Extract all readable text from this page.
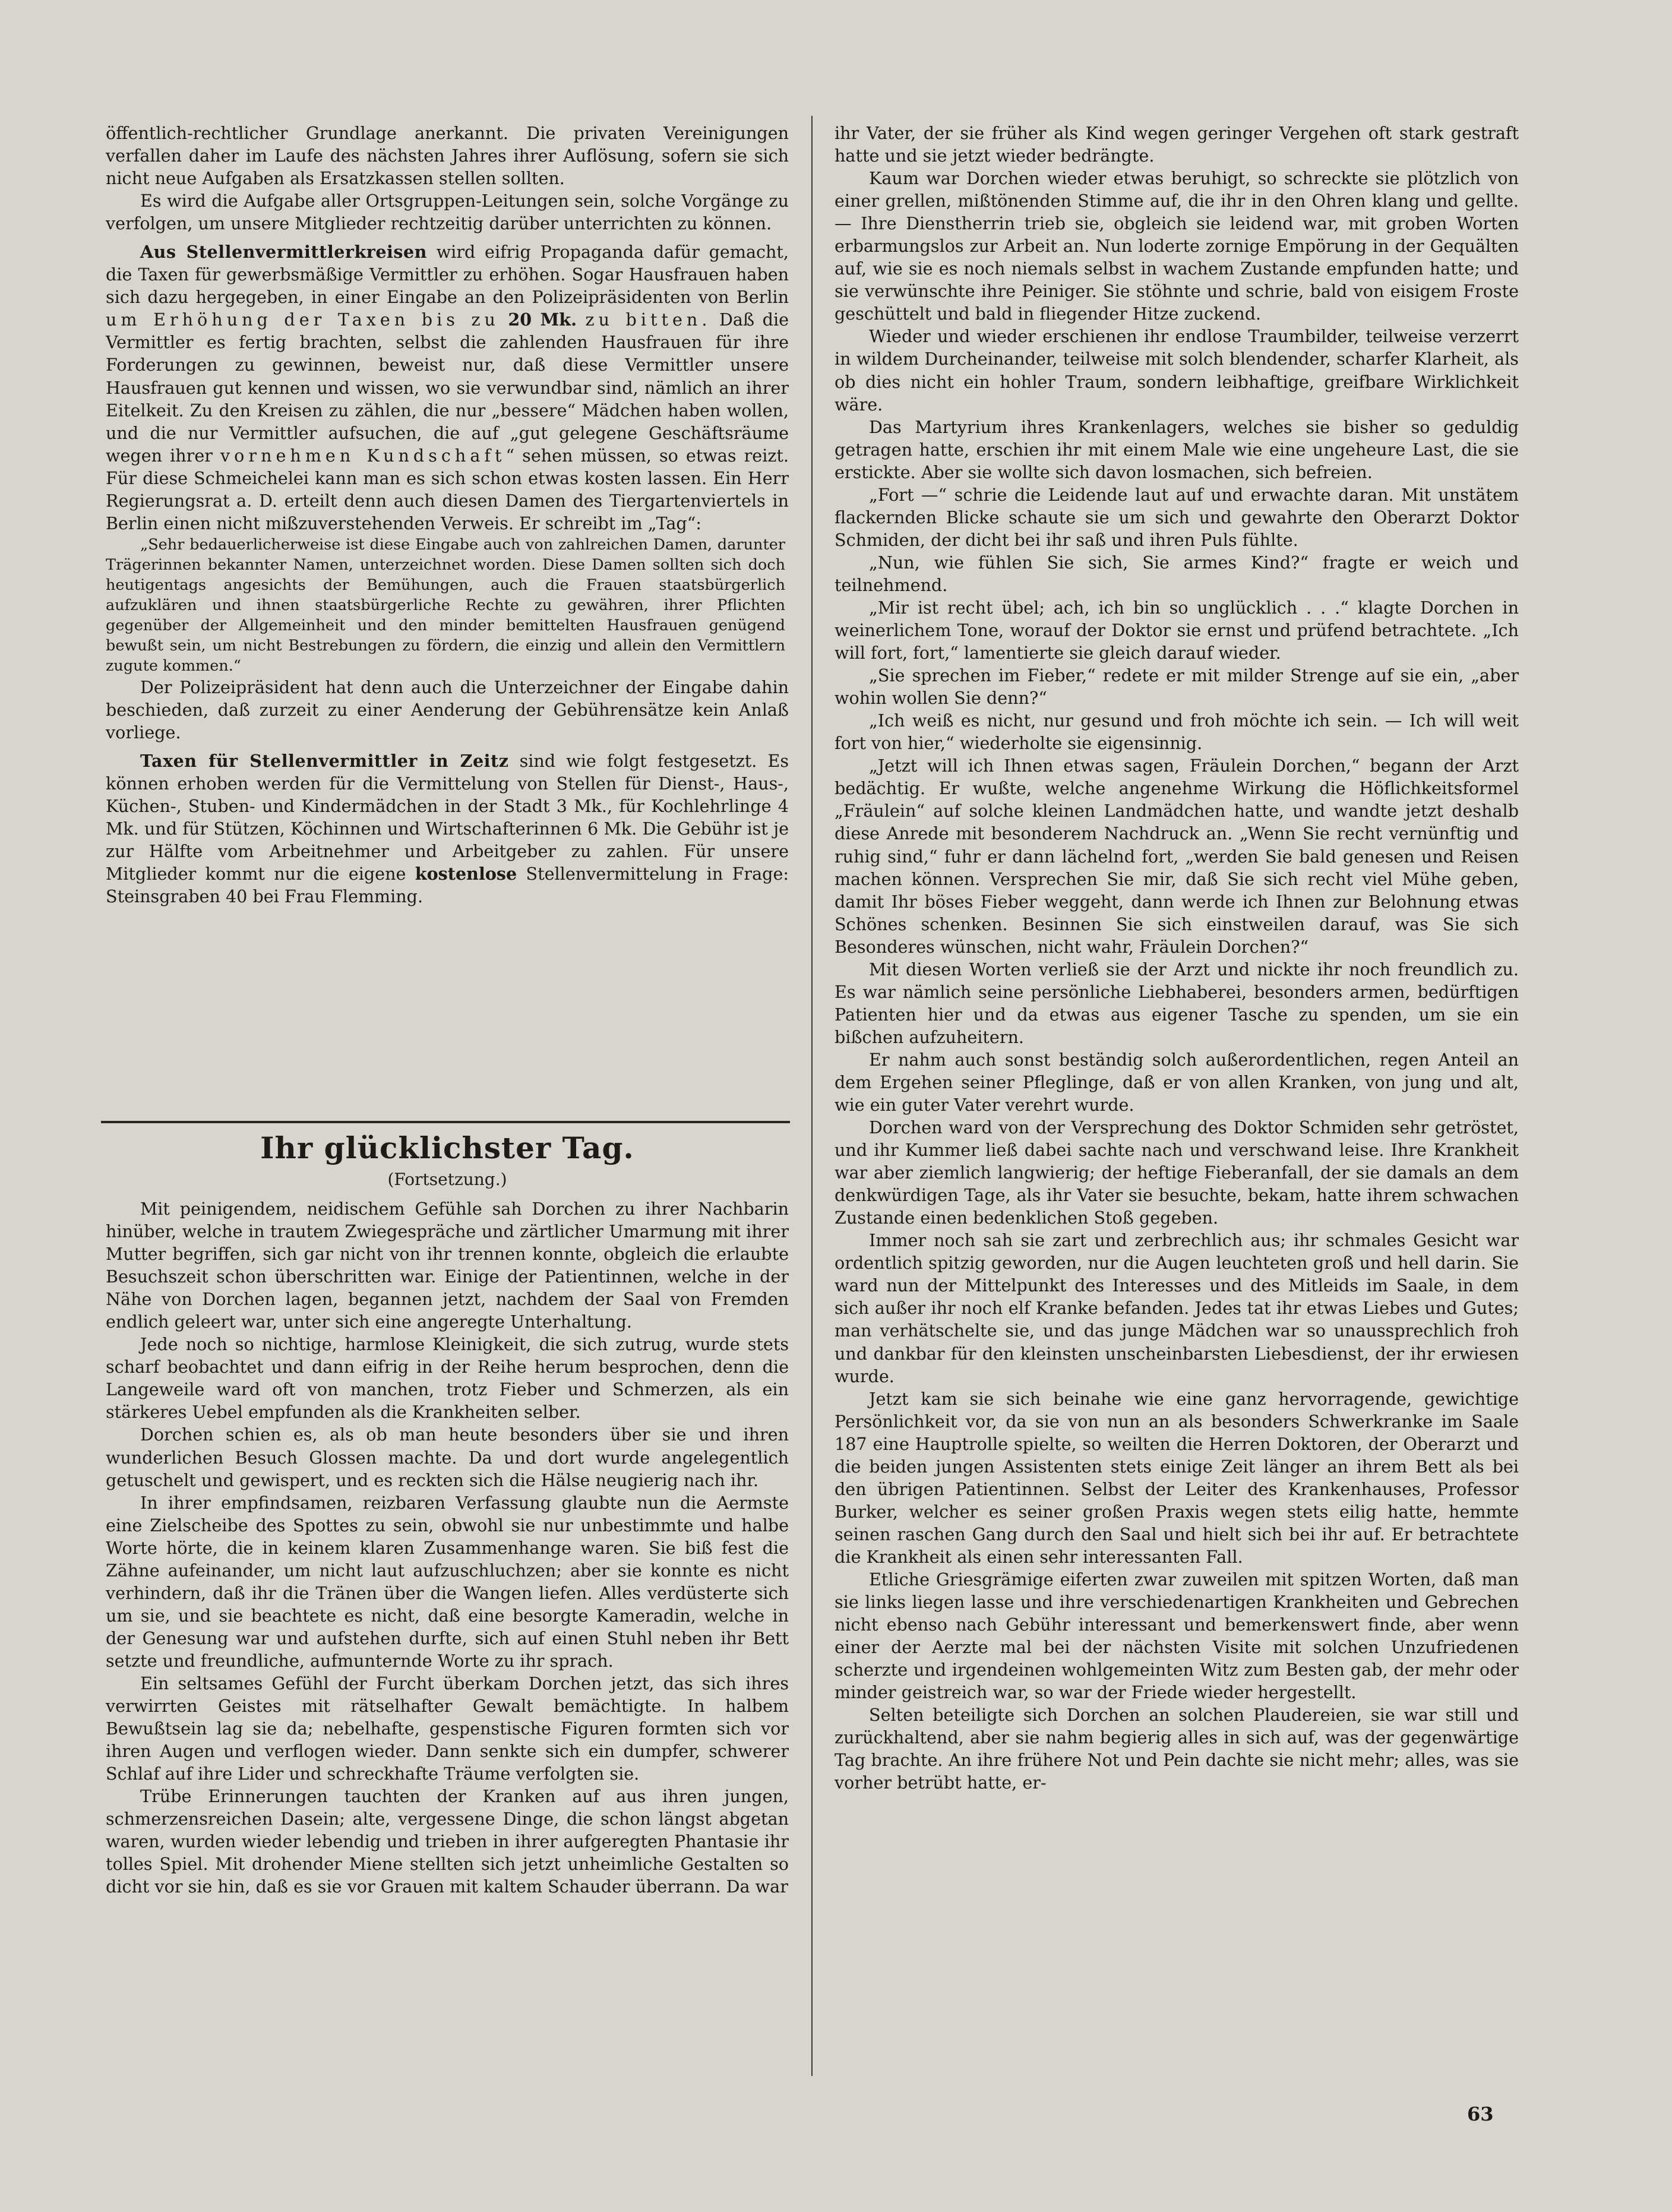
öffentlich-rechtlicher Grundlage anerkannt. Die privaten Vereinigungen verfallen daher im Laufe des nächsten Jahres ihrer Auflösung, sofern sie sich nicht neue Aufgaben als Ersatzkassen stellen sollten.

Es wird die Aufgabe aller Ortsgruppen-Leitungen sein, solche Vorgänge zu verfolgen, um unsere Mitglieder rechtzeitig darüber unterrichten zu können.

Aus Stellenvermittlerkreisen wird eifrig Propaganda dafür gemacht, die Taxen für gewerbsmäßige Vermittler zu erhöhen. Sogar Hausfrauen haben sich dazu hergegeben, in einer Eingabe an den Polizeipräsidenten von Berlin um Erhöhung der Taxen bis zu 20 Mk. zu bitten. Daß die Vermittler es fertig brachten, selbst die zahlenden Hausfrauen für ihre Forderungen zu gewinnen, beweist nur, daß diese Vermittler unsere Hausfrauen gut kennen und wissen, wo sie verwundbar sind, nämlich an ihrer Eitelkeit. Zu den Kreisen zu zählen, die nur „bessere“ Mädchen haben wollen, und die nur Vermittler aufsuchen, die auf „gut gelegene Geschäftsräume wegen ihrer vornehmen Kundschaft“ sehen müssen, so etwas reizt. Für diese Schmeichelei kann man es sich schon etwas kosten lassen. Ein Herr Regierungsrat a. D. erteilt denn auch diesen Damen des Tiergartenviertels in Berlin einen nicht mißzuverstehenden Verweis. Er schreibt im „Tag“:

„Sehr bedauerlicherweise ist diese Eingabe auch von zahlreichen Damen, darunter Trägerinnen bekannter Namen, unterzeichnet worden. Diese Damen sollten sich doch heutigentags angesichts der Bemühungen, auch die Frauen staatsbürgerlich aufzuklären und ihnen staatsbürgerliche Rechte zu gewähren, ihrer Pflichten gegenüber der Allgemeinheit und den minder bemittelten Hausfrauen genügend bewußt sein, um nicht Bestrebungen zu fördern, die einzig und allein den Vermittlern zugute kommen.“

Der Polizeipräsident hat denn auch die Unterzeichner der Eingabe dahin beschieden, daß zurzeit zu einer Aenderung der Gebührensätze kein Anlaß vorliege.

Taxen für Stellenvermittler in Zeitz sind wie folgt festgesetzt. Es können erhoben werden für die Vermittelung von Stellen für Dienst-, Haus-, Küchen-, Stuben- und Kindermädchen in der Stadt 3 Mk., für Kochlehrlinge 4 Mk. und für Stützen, Köchinnen und Wirtschafterinnen 6 Mk. Die Gebühr ist je zur Hälfte vom Arbeitnehmer und Arbeitgeber zu zahlen. Für unsere Mitglieder kommt nur die eigene kostenlose Stellenvermittelung in Frage: Steinsgraben 40 bei Frau Flemming.

Ihr glücklichster Tag.
(Fortsetzung.)

Mit peinigendem, neidischem Gefühle sah Dorchen zu ihrer Nachbarin hinüber, welche in trautem Zwiegespräche und zärtlicher Umarmung mit ihrer Mutter begriffen, sich gar nicht von ihr trennen konnte, obgleich die erlaubte Besuchszeit schon überschritten war. Einige der Patientinnen, welche in der Nähe von Dorchen lagen, begannen jetzt, nachdem der Saal von Fremden endlich geleert war, unter sich eine angeregte Unterhaltung.

Jede noch so nichtige, harmlose Kleinigkeit, die sich zutrug, wurde stets scharf beobachtet und dann eifrig in der Reihe herum besprochen, denn die Langeweile ward oft von manchen, trotz Fieber und Schmerzen, als ein stärkeres Uebel empfunden als die Krankheiten selber.

Dorchen schien es, als ob man heute besonders über sie und ihren wunderlichen Besuch Glossen machte. Da und dort wurde angelegentlich getuschelt und gewispert, und es reckten sich die Hälse neugierig nach ihr.

In ihrer empfindsamen, reizbaren Verfassung glaubte nun die Aermste eine Zielscheibe des Spottes zu sein, obwohl sie nur unbestimmte und halbe Worte hörte, die in keinem klaren Zusammenhange waren. Sie biß fest die Zähne aufeinander, um nicht laut aufzuschluchzen; aber sie konnte es nicht verhindern, daß ihr die Tränen über die Wangen liefen. Alles verdüsterte sich um sie, und sie beachtete es nicht, daß eine besorgte Kameradin, welche in der Genesung war und aufstehen durfte, sich auf einen Stuhl neben ihr Bett setzte und freundliche, aufmunternde Worte zu ihr sprach.

Ein seltsames Gefühl der Furcht überkam Dorchen jetzt, das sich ihres verwirrten Geistes mit rätselhafter Gewalt bemächtigte. In halbem Bewußtsein lag sie da; nebelhafte, gespenstische Figuren formten sich vor ihren Augen und verflogen wieder. Dann senkte sich ein dumpfer, schwerer Schlaf auf ihre Lider und schreckhafte Träume verfolgten sie.

Trübe Erinnerungen tauchten der Kranken auf aus ihren jungen, schmerzensreichen Dasein; alte, vergessene Dinge, die schon längst abgetan waren, wurden wieder lebendig und trieben in ihrer aufgeregten Phantasie ihr tolles Spiel. Mit drohender Miene stellten sich jetzt unheimliche Gestalten so dicht vor sie hin, daß es sie vor Grauen mit kaltem Schauder überrann. Da war

ihr Vater, der sie früher als Kind wegen geringer Vergehen oft stark gestraft hatte und sie jetzt wieder bedrängte.

Kaum war Dorchen wieder etwas beruhigt, so schreckte sie plötzlich von einer grellen, mißtönenden Stimme auf, die ihr in den Ohren klang und gellte. — Ihre Dienstherrin trieb sie, obgleich sie leidend war, mit groben Worten erbarmungslos zur Arbeit an. Nun loderte zornige Empörung in der Gequälten auf, wie sie es noch niemals selbst in wachem Zustande empfunden hatte; und sie verwünschte ihre Peiniger. Sie stöhnte und schrie, bald von eisigem Froste geschüttelt und bald in fliegender Hitze zuckend.

Wieder und wieder erschienen ihr endlose Traumbilder, teilweise verzerrt in wildem Durcheinander, teilweise mit solch blendender, scharfer Klarheit, als ob dies nicht ein hohler Traum, sondern leibhaftige, greifbare Wirklichkeit wäre.

Das Martyrium ihres Krankenlagers, welches sie bisher so geduldig getragen hatte, erschien ihr mit einem Male wie eine ungeheure Last, die sie erstickte. Aber sie wollte sich davon losmachen, sich befreien.

„Fort —“ schrie die Leidende laut auf und erwachte daran. Mit unstätem flackernden Blicke schaute sie um sich und gewahrte den Oberarzt Doktor Schmiden, der dicht bei ihr saß und ihren Puls fühlte.

„Nun, wie fühlen Sie sich, Sie armes Kind?“ fragte er weich und teilnehmend.

„Mir ist recht übel; ach, ich bin so unglücklich . . .“ klagte Dorchen in weinerlichem Tone, worauf der Doktor sie ernst und prüfend betrachtete. „Ich will fort, fort,“ lamentierte sie gleich darauf wieder.

„Sie sprechen im Fieber,“ redete er mit milder Strenge auf sie ein, „aber wohin wollen Sie denn?“

„Ich weiß es nicht, nur gesund und froh möchte ich sein. — Ich will weit fort von hier,“ wiederholte sie eigensinnig.

„Jetzt will ich Ihnen etwas sagen, Fräulein Dorchen,“ begann der Arzt bedächtig. Er wußte, welche angenehme Wirkung die Höflichkeitsformel „Fräulein“ auf solche kleinen Landmädchen hatte, und wandte jetzt deshalb diese Anrede mit besonderem Nachdruck an. „Wenn Sie recht vernünftig und ruhig sind,“ fuhr er dann lächelnd fort, „werden Sie bald genesen und Reisen machen können. Versprechen Sie mir, daß Sie sich recht viel Mühe geben, damit Ihr böses Fieber weggeht, dann werde ich Ihnen zur Belohnung etwas Schönes schenken. Besinnen Sie sich einstweilen darauf, was Sie sich Besonderes wünschen, nicht wahr, Fräulein Dorchen?“

Mit diesen Worten verließ sie der Arzt und nickte ihr noch freundlich zu. Es war nämlich seine persönliche Liebhaberei, besonders armen, bedürftigen Patienten hier und da etwas aus eigener Tasche zu spenden, um sie ein bißchen aufzuheitern.

Er nahm auch sonst beständig solch außerordentlichen, regen Anteil an dem Ergehen seiner Pfleglinge, daß er von allen Kranken, von jung und alt, wie ein guter Vater verehrt wurde.

Dorchen ward von der Versprechung des Doktor Schmiden sehr getröstet, und ihr Kummer ließ dabei sachte nach und verschwand leise. Ihre Krankheit war aber ziemlich langwierig; der heftige Fieberanfall, der sie damals an dem denkwürdigen Tage, als ihr Vater sie besuchte, bekam, hatte ihrem schwachen Zustande einen bedenklichen Stoß gegeben.

Immer noch sah sie zart und zerbrechlich aus; ihr schmales Gesicht war ordentlich spitzig geworden, nur die Augen leuchteten groß und hell darin. Sie ward nun der Mittelpunkt des Interesses und des Mitleids im Saale, in dem sich außer ihr noch elf Kranke befanden. Jedes tat ihr etwas Liebes und Gutes; man verhätschelte sie, und das junge Mädchen war so unaussprechlich froh und dankbar für den kleinsten unscheinbarsten Liebesdienst, der ihr erwiesen wurde.

Jetzt kam sie sich beinahe wie eine ganz hervorragende, gewichtige Persönlichkeit vor, da sie von nun an als besonders Schwerkranke im Saale 187 eine Hauptrolle spielte, so weilten die Herren Doktoren, der Oberarzt und die beiden jungen Assistenten stets einige Zeit länger an ihrem Bett als bei den übrigen Patientinnen. Selbst der Leiter des Krankenhauses, Professor Burker, welcher es seiner großen Praxis wegen stets eilig hatte, hemmte seinen raschen Gang durch den Saal und hielt sich bei ihr auf. Er betrachtete die Krankheit als einen sehr interessanten Fall.

Etliche Griesgrämige eiferten zwar zuweilen mit spitzen Worten, daß man sie links liegen lasse und ihre verschiedenartigen Krankheiten und Gebrechen nicht ebenso nach Gebühr interessant und bemerkenswert finde, aber wenn einer der Aerzte mal bei der nächsten Visite mit solchen Unzufriedenen scherzte und irgendeinen wohlgemeinten Witz zum Besten gab, der mehr oder minder geistreich war, so war der Friede wieder hergestellt.

Selten beteiligte sich Dorchen an solchen Plaudereien, sie war still und zurückhaltend, aber sie nahm begierig alles in sich auf, was der gegenwärtige Tag brachte. An ihre frühere Not und Pein dachte sie nicht mehr; alles, was sie vorher betrübt hatte, er-

63
